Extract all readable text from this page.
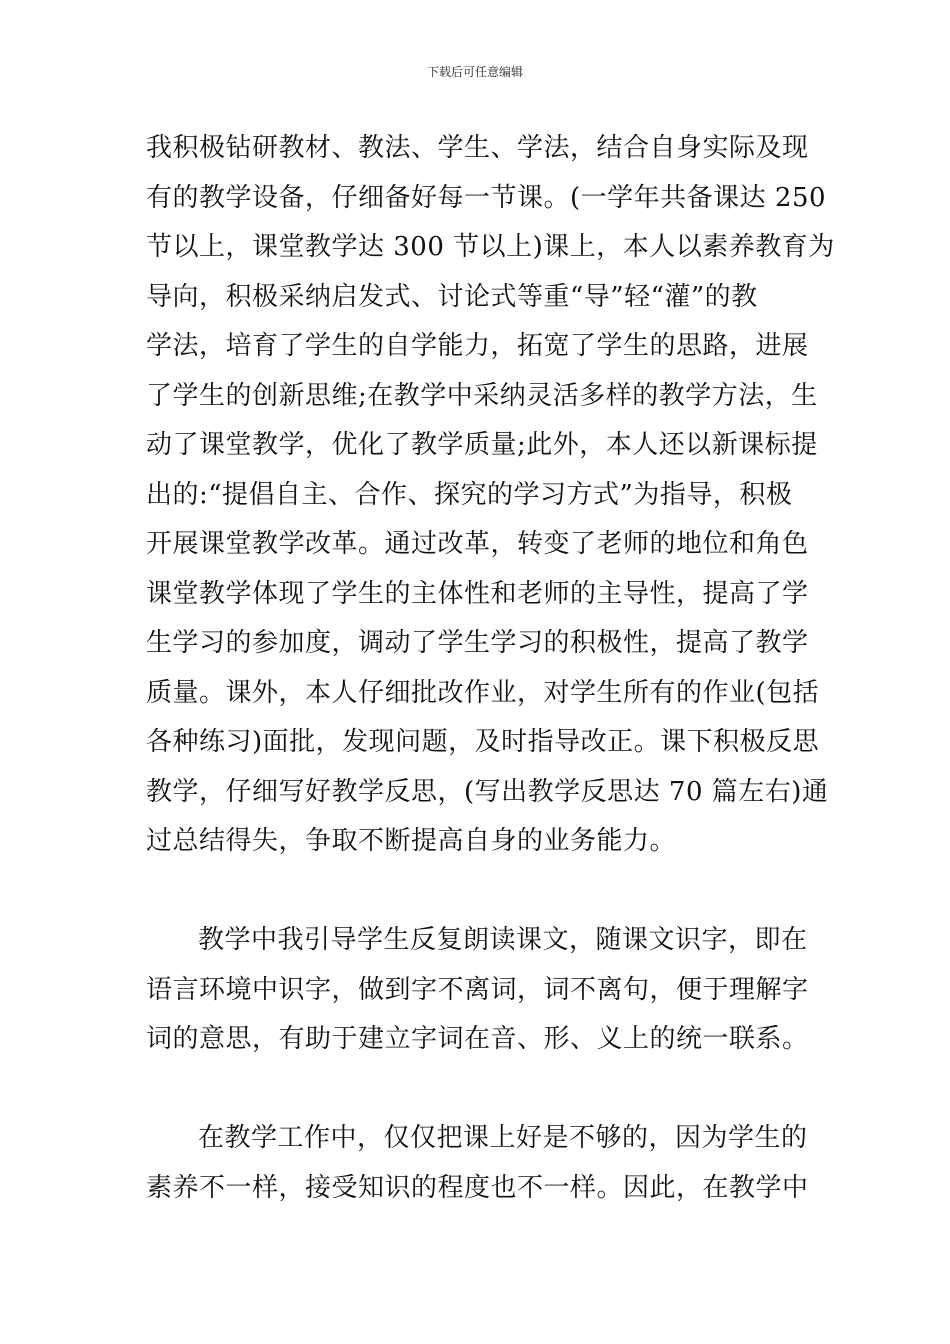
下载后可任意编辑
我积极钻研教材、教法、学生、学法，结合自身实际及现
有的教学设备，仔细备好每一节课。(一学年共备课达 250
节以上，课堂教学达 300 节以上)课上，本人以素养教育为
导向，积极采纳启发式、讨论式等重“导”轻“灌”的教
学法，培育了学生的自学能力，拓宽了学生的思路，进展
了学生的创新思维;在教学中采纳灵活多样的教学方法，生
动了课堂教学，优化了教学质量;此外，本人还以新课标提
出的:“提倡自主、合作、探究的学习方式”为指导，积极
开展课堂教学改革。通过改革，转变了老师的地位和角色
课堂教学体现了学生的主体性和老师的主导性，提高了学
生学习的参加度，调动了学生学习的积极性，提高了教学
质量。课外，本人仔细批改作业，对学生所有的作业(包括
各种练习)面批，发现问题，及时指导改正。课下积极反思
教学，仔细写好教学反思，(写出教学反思达 70 篇左右)通
过总结得失，争取不断提高自身的业务能力。
教学中我引导学生反复朗读课文，随课文识字，即在
语言环境中识字，做到字不离词，词不离句，便于理解字
词的意思，有助于建立字词在音、形、义上的统一联系。
在教学工作中，仅仅把课上好是不够的，因为学生的
素养不一样，接受知识的程度也不一样。因此，在教学中
